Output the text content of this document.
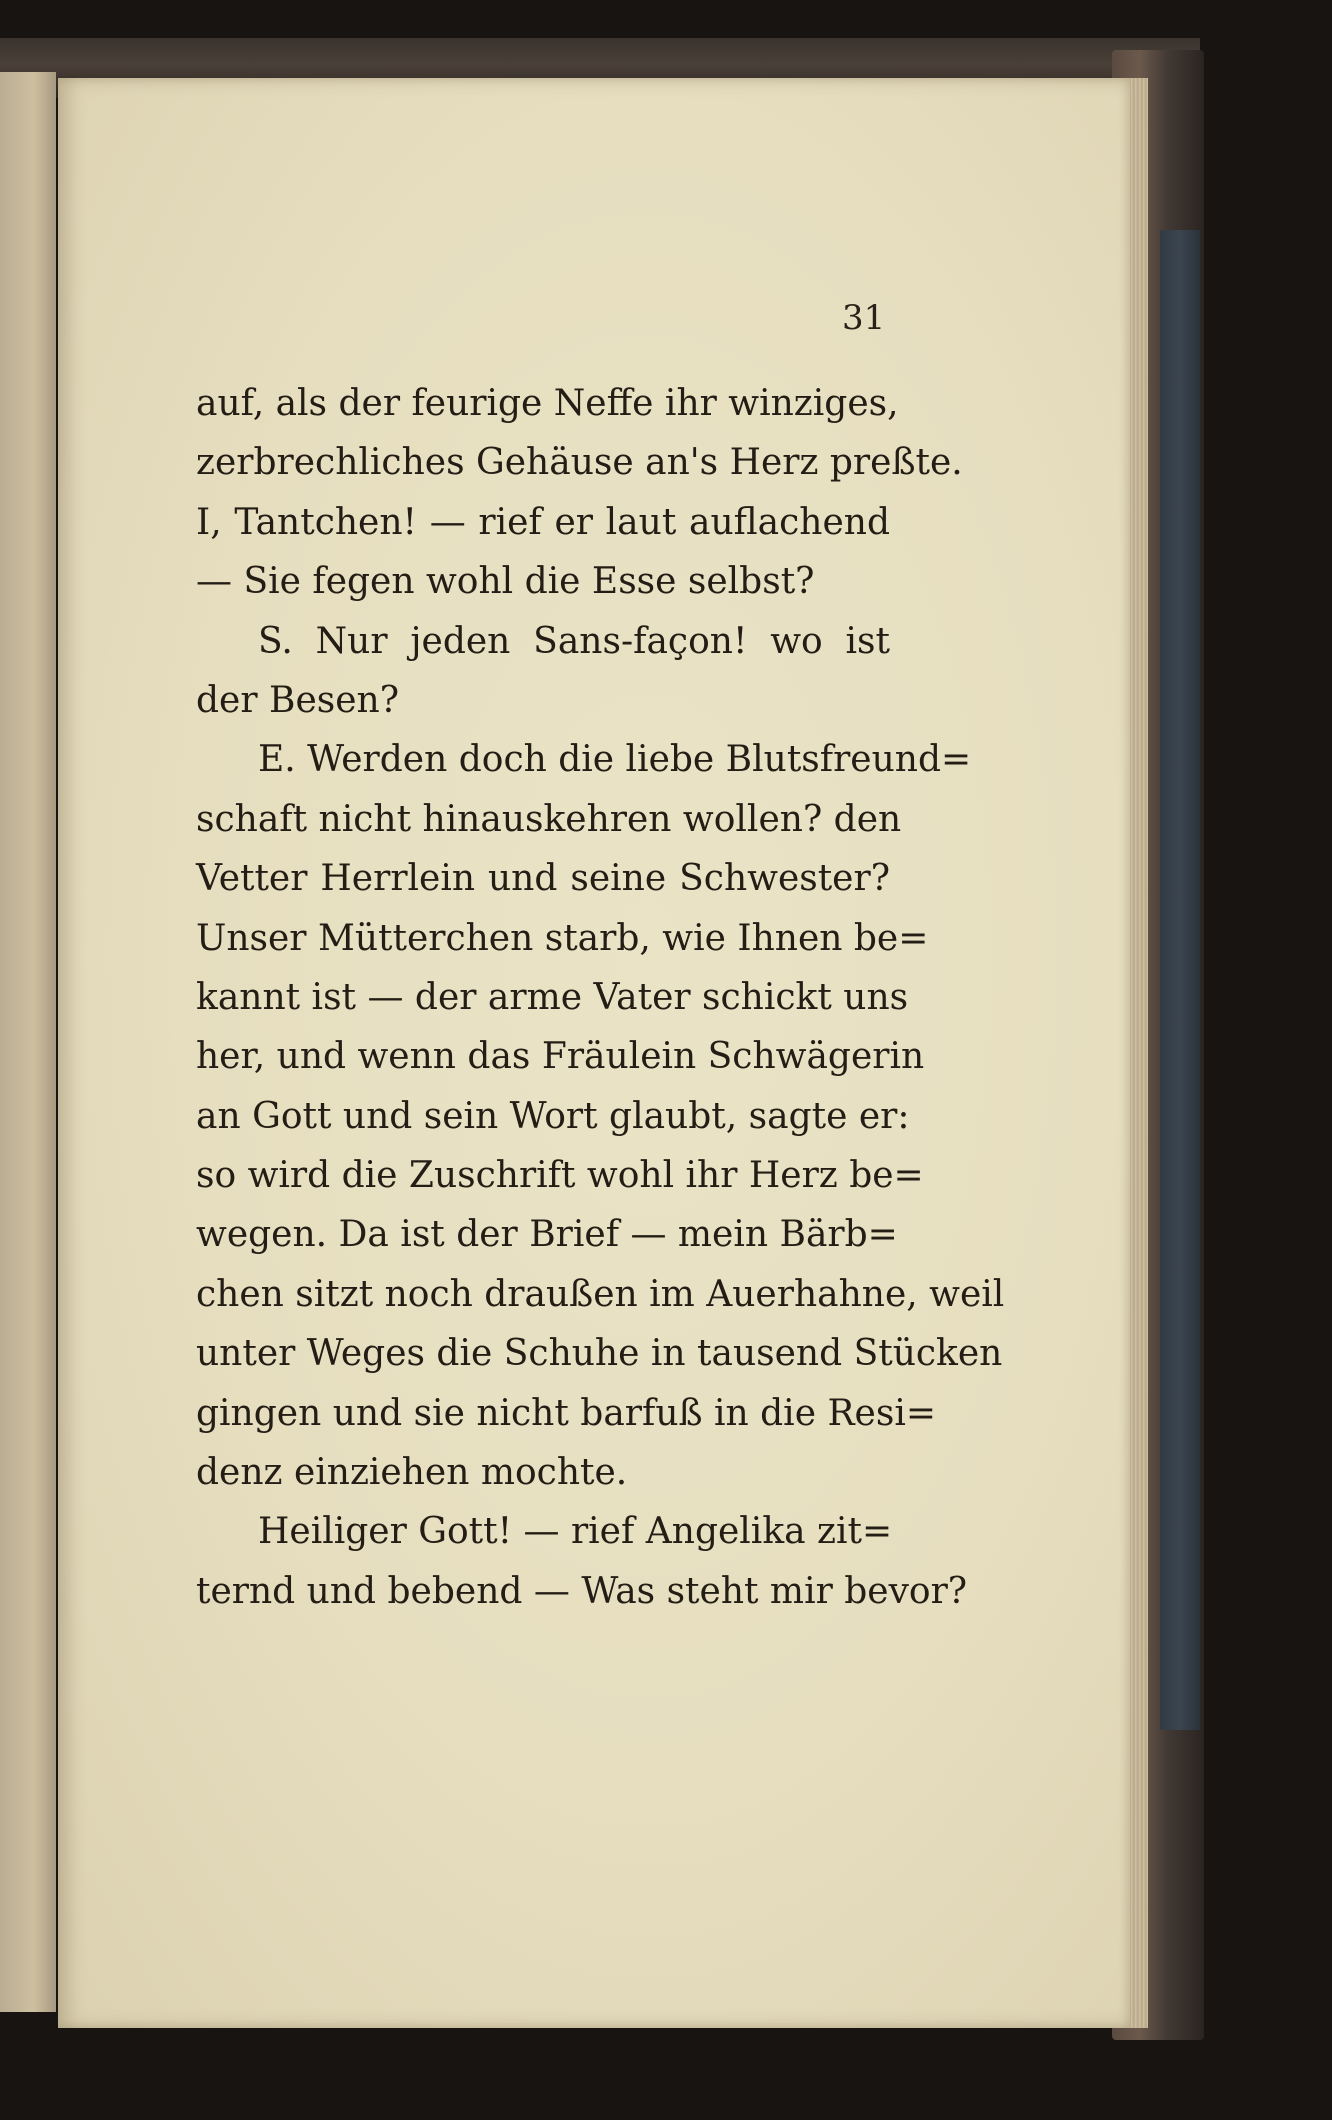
31
auf, als der feurige Neffe ihr winziges,
zerbrechliches Gehäuse an's Herz preßte.
I, Tantchen! — rief er laut auflachend
— Sie fegen wohl die Esse selbst?
S. Nur jeden Sans-façon! wo ist
der Besen?
E. Werden doch die liebe Blutsfreund=
schaft nicht hinauskehren wollen? den
Vetter Herrlein und seine Schwester?
Unser Mütterchen starb, wie Ihnen be=
kannt ist — der arme Vater schickt uns
her, und wenn das Fräulein Schwägerin
an Gott und sein Wort glaubt, sagte er:
so wird die Zuschrift wohl ihr Herz be=
wegen. Da ist der Brief — mein Bärb=
chen sitzt noch draußen im Auerhahne, weil
unter Weges die Schuhe in tausend Stücken
gingen und sie nicht barfuß in die Resi=
denz einziehen mochte.
Heiliger Gott! — rief Angelika zit=
ternd und bebend — Was steht mir bevor?
